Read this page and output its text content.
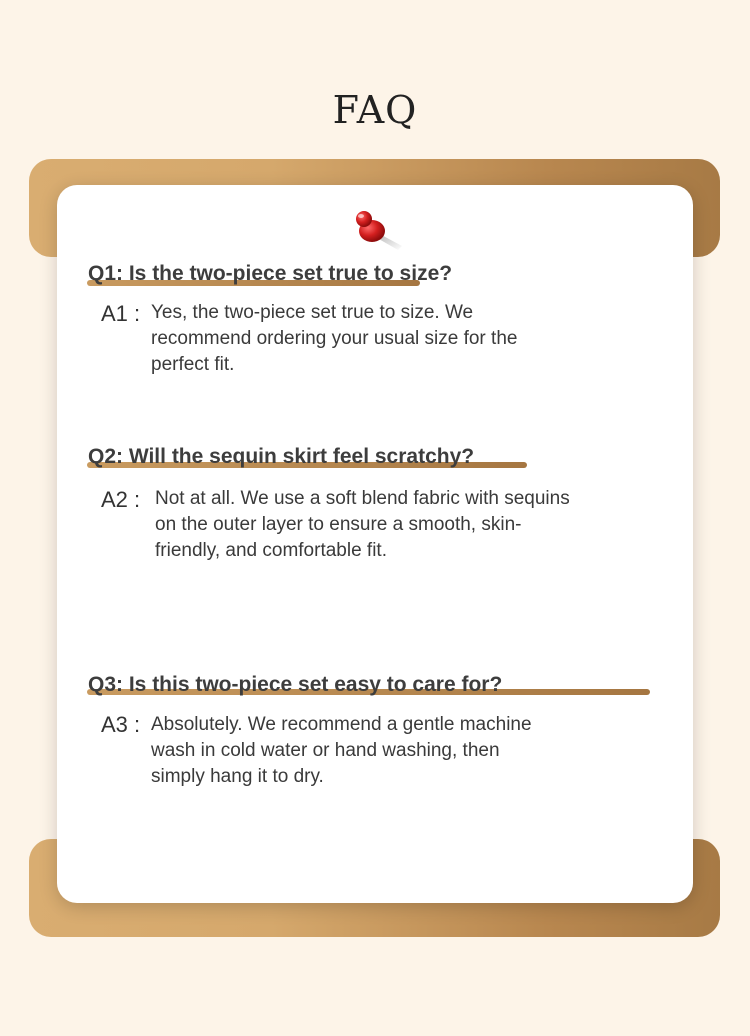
FAQ
Q1: Is the two-piece set true to size?
A1 : Yes, the two-piece set true to size. We recommend ordering your usual size for the perfect fit.
Q2: Will the sequin skirt feel scratchy?
A2 : Not at all. We use a soft blend fabric with sequins on the outer layer to ensure a smooth, skin-friendly, and comfortable fit.
Q3: Is this two-piece set easy to care for?
A3 : Absolutely. We recommend a gentle machine wash in cold water or hand washing, then simply hang it to dry.
